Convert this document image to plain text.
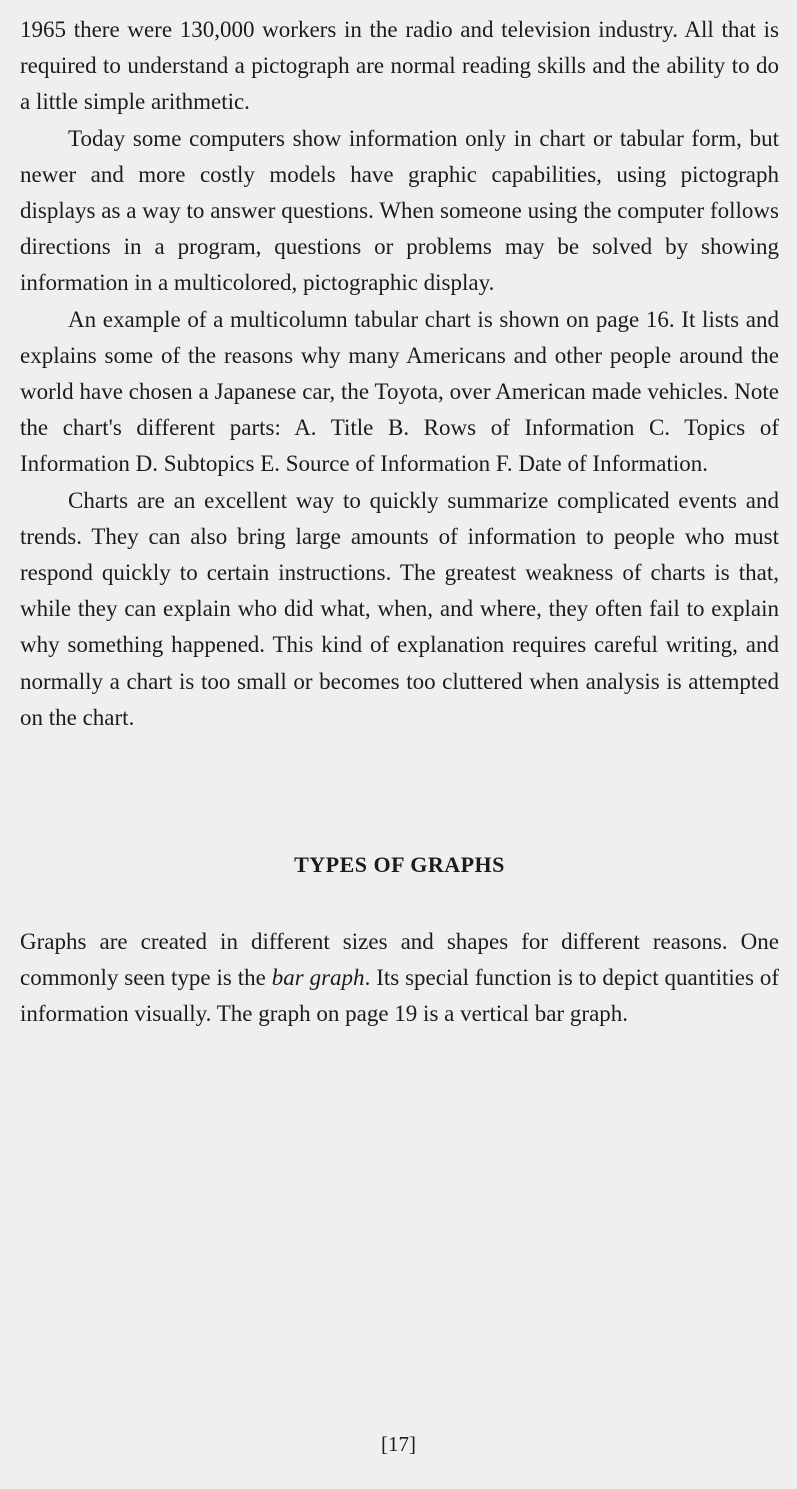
1965 there were 130,000 workers in the radio and television industry. All that is required to understand a pictograph are normal reading skills and the ability to do a little simple arithmetic.

Today some computers show information only in chart or tabular form, but newer and more costly models have graphic capabilities, using pictograph displays as a way to answer questions. When someone using the computer follows directions in a program, questions or problems may be solved by showing information in a multicolored, pictographic display.

An example of a multicolumn tabular chart is shown on page 16. It lists and explains some of the reasons why many Americans and other people around the world have chosen a Japanese car, the Toyota, over American made vehicles. Note the chart's different parts: A. Title B. Rows of Information C. Topics of Information D. Subtopics E. Source of Information F. Date of Information.

Charts are an excellent way to quickly summarize complicated events and trends. They can also bring large amounts of information to people who must respond quickly to certain instructions. The greatest weakness of charts is that, while they can explain who did what, when, and where, they often fail to explain why something happened. This kind of explanation requires careful writing, and normally a chart is too small or becomes too cluttered when analysis is attempted on the chart.

TYPES OF GRAPHS

Graphs are created in different sizes and shapes for different reasons. One commonly seen type is the bar graph. Its special function is to depict quantities of information visually. The graph on page 19 is a vertical bar graph.

[17]
